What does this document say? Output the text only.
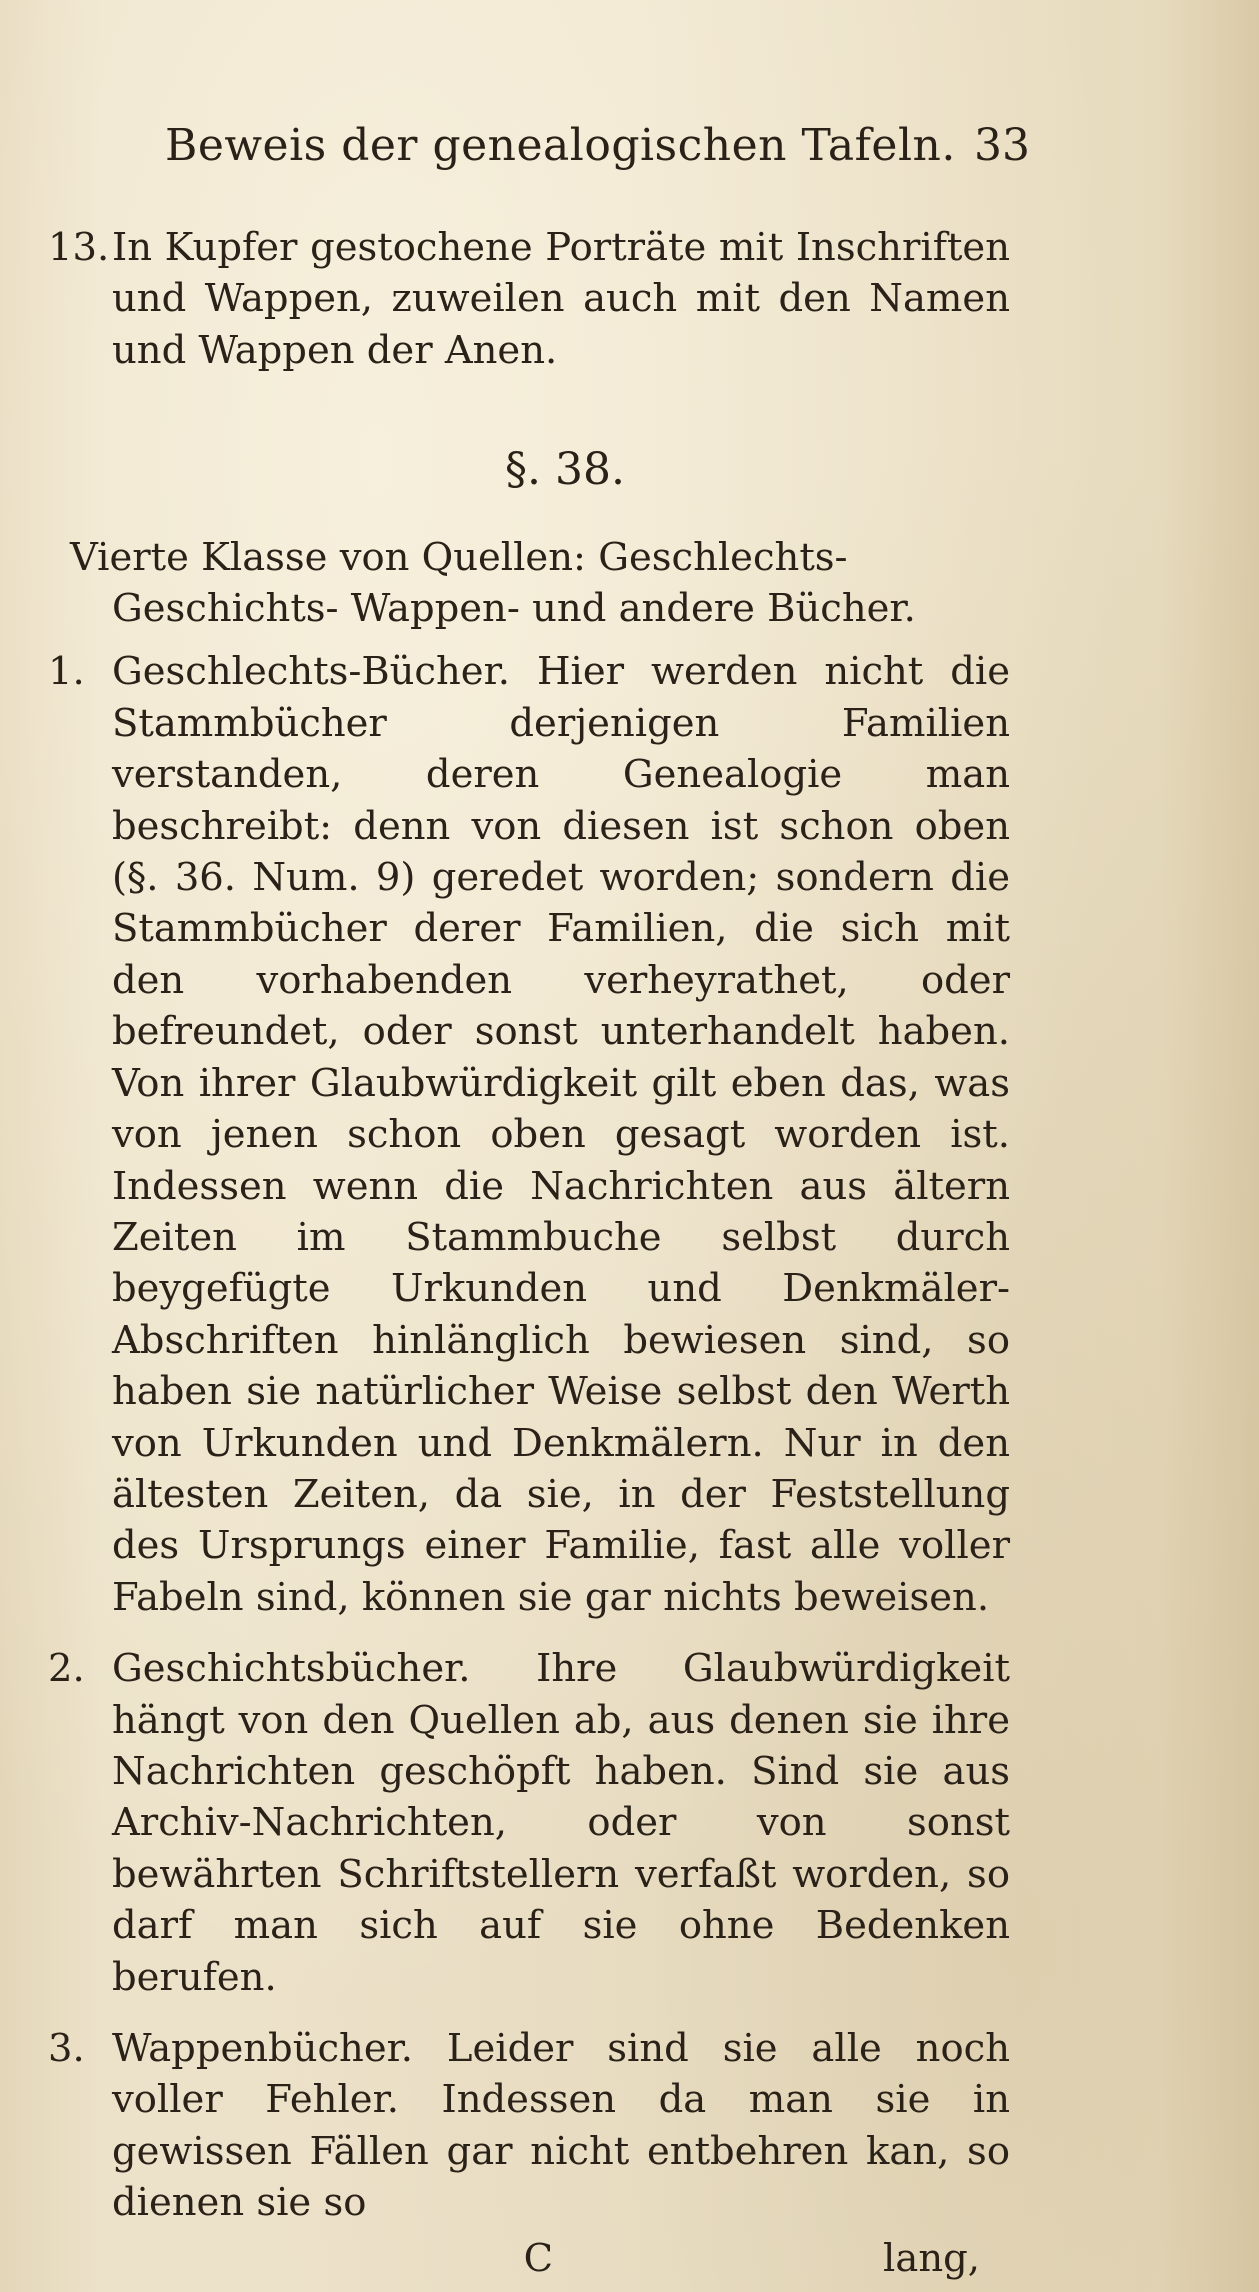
Beweis der genealogischen Tafeln. 33
13. In Kupfer gestochene Porträte mit Inschriften und Wappen, zuweilen auch mit den Namen und Wappen der Anen.
§. 38.
Vierte Klasse von Quellen: Geschlechts- Geschichts- Wappen- und andere Bücher.
1. Geschlechts-Bücher. Hier werden nicht die Stammbücher derjenigen Familien verstanden, deren Genealogie man beschreibt: denn von diesen ist schon oben (§. 36. Num. 9) geredet worden; sondern die Stammbücher derer Familien, die sich mit den vorhabenden verheyrathet, oder befreundet, oder sonst unterhandelt haben. Von ihrer Glaubwürdigkeit gilt eben das, was von jenen schon oben gesagt worden ist. Indessen wenn die Nachrichten aus ältern Zeiten im Stammbuche selbst durch beygefügte Urkunden und Denkmäler-Abschriften hinlänglich bewiesen sind, so haben sie natürlicher Weise selbst den Werth von Urkunden und Denkmälern. Nur in den ältesten Zeiten, da sie, in der Feststellung des Ursprungs einer Familie, fast alle voller Fabeln sind, können sie gar nichts beweisen.
2. Geschichtsbücher. Ihre Glaubwürdigkeit hängt von den Quellen ab, aus denen sie ihre Nachrichten geschöpft haben. Sind sie aus Archiv-Nachrichten, oder von sonst bewährten Schriftstellern verfaßt worden, so darf man sich auf sie ohne Bedenken berufen.
3. Wappenbücher. Leider sind sie alle noch voller Fehler. Indessen da man sie in gewissen Fällen gar nicht entbehren kan, so dienen sie so
C	lang,
